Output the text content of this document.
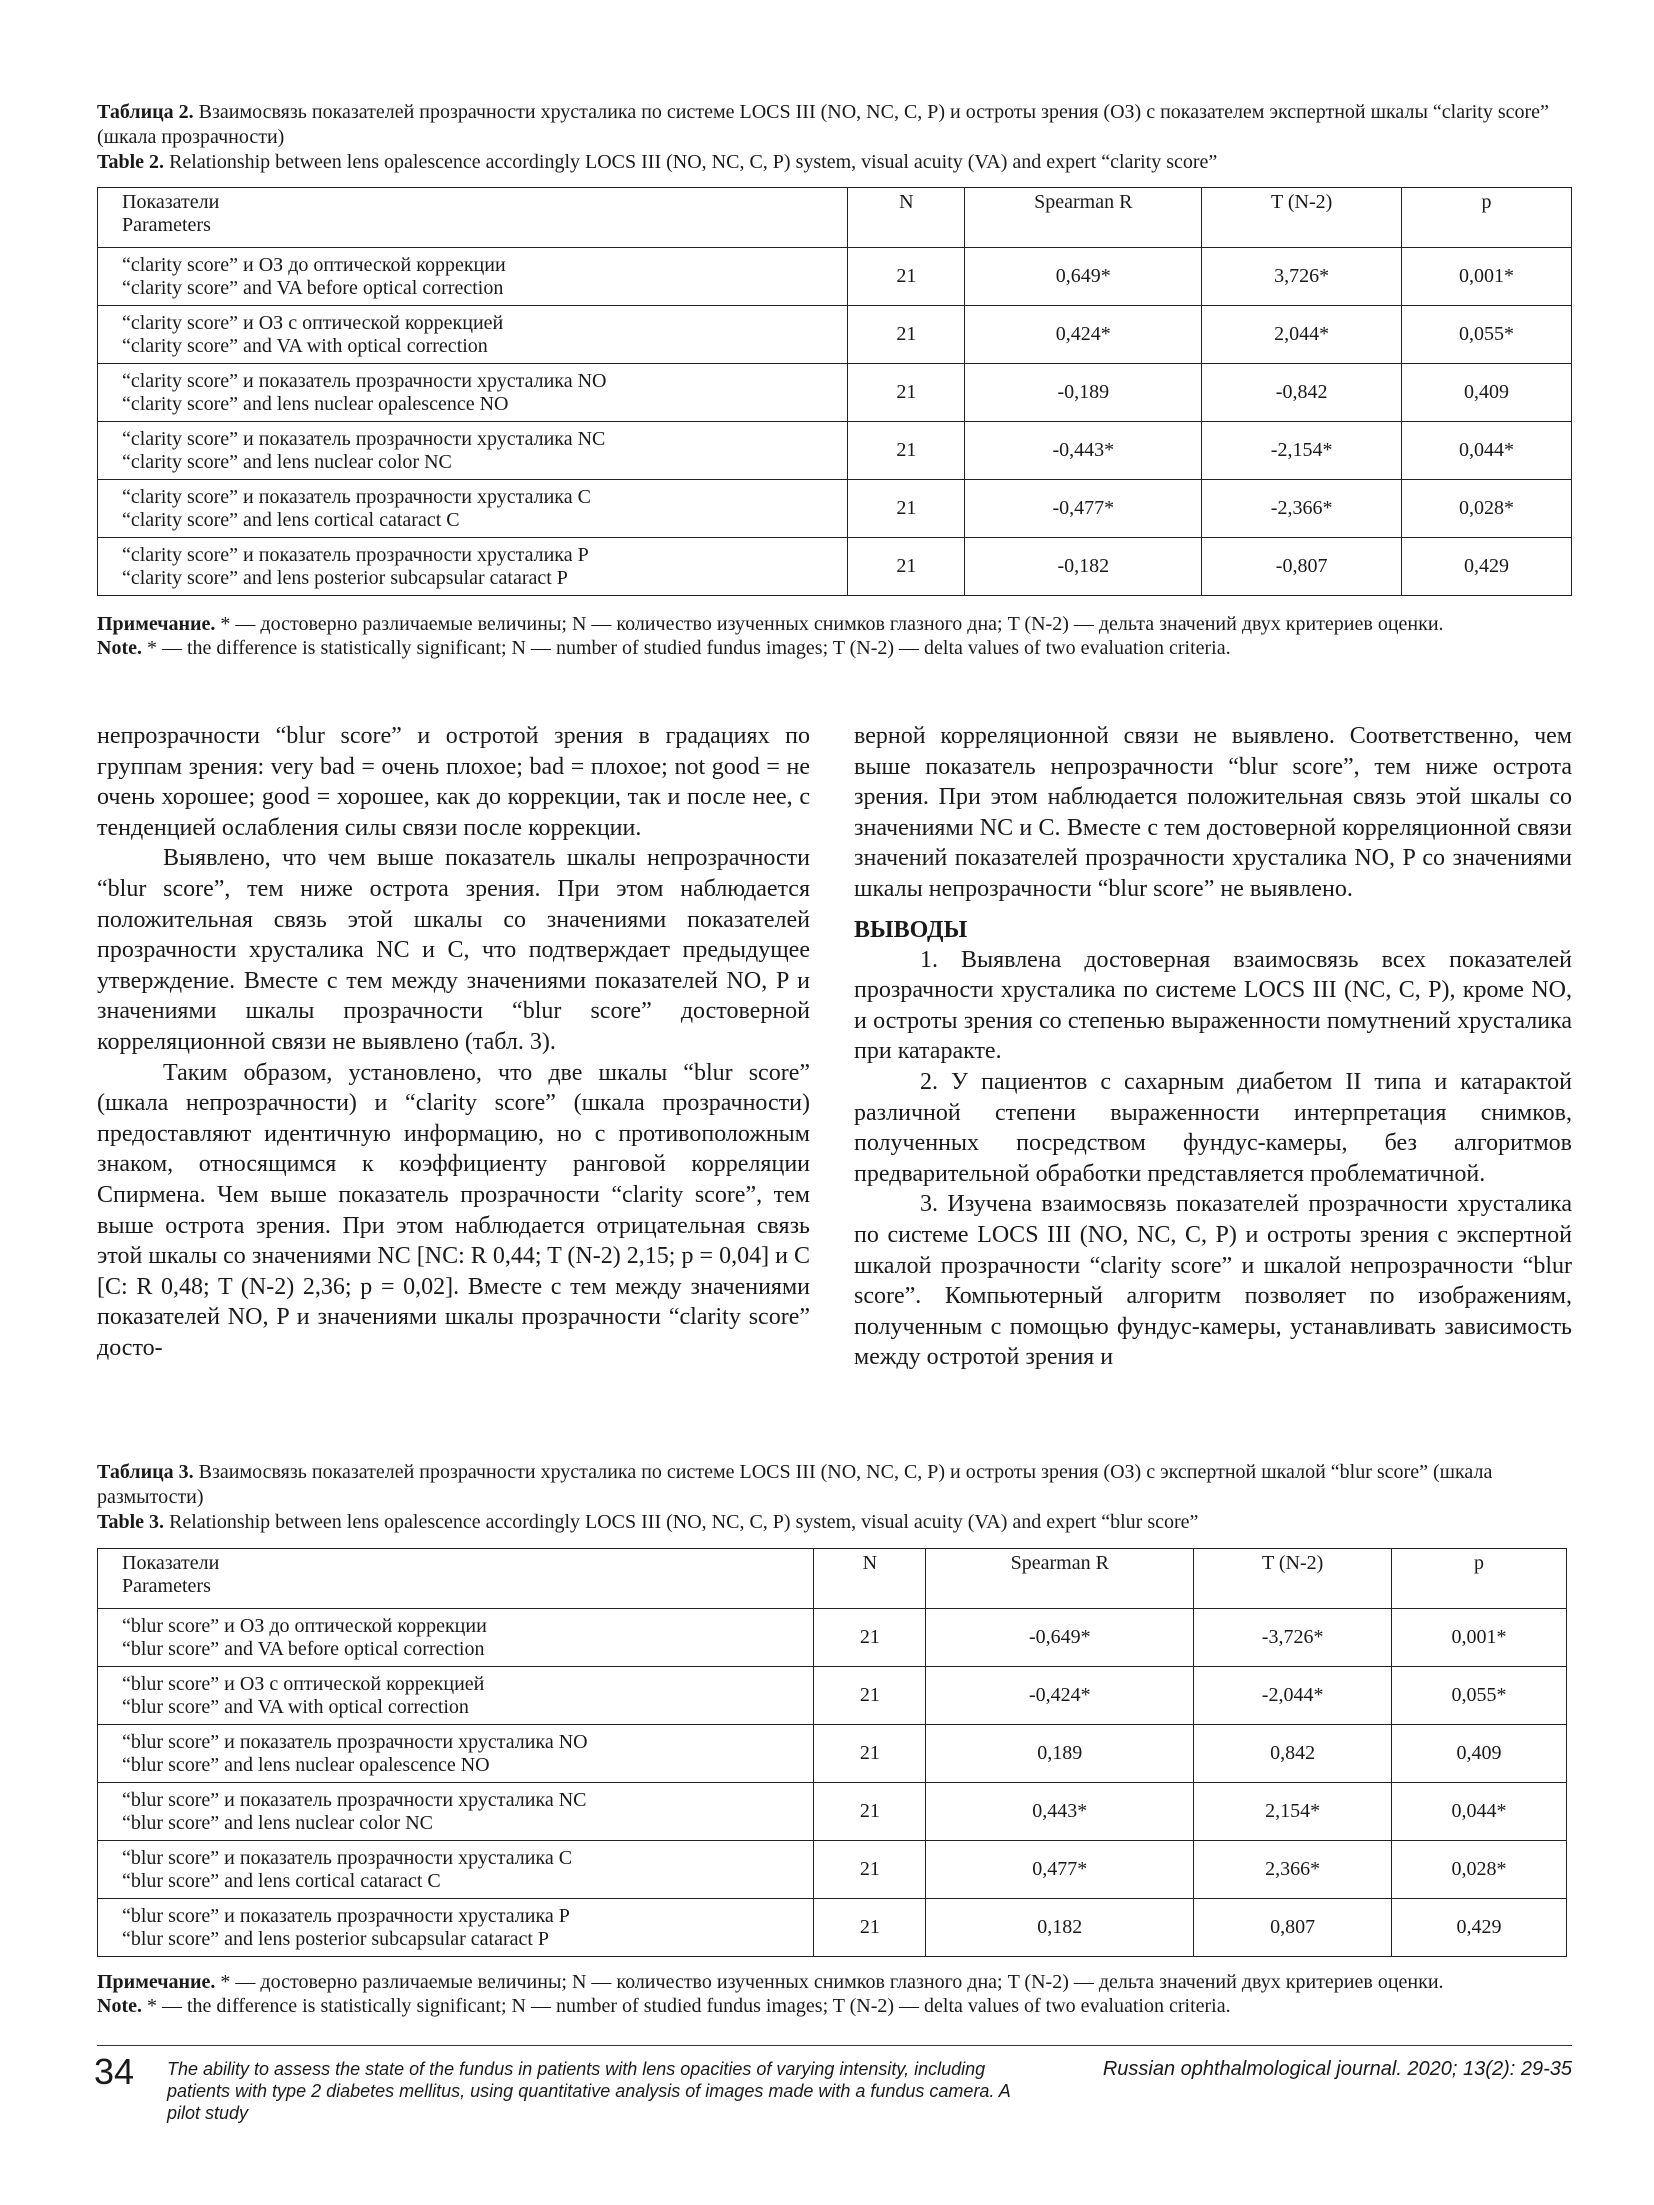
Таблица 2. Взаимосвязь показателей прозрачности хрусталика по системе LOCS III (NO, NC, C, P) и остроты зрения (ОЗ) с показателем экспертной шкалы “clarity score” (шкала прозрачности)
Table 2. Relationship between lens opalescence accordingly LOCS III (NO, NC, C, P) system, visual acuity (VA) and expert “clarity score”
Показатели
Parameters	N	Spearman R	T (N-2)	p

“clarity score” и ОЗ до оптической коррекции
“clarity score” and VA before optical correction	21	0,649*	3,726*	0,001*

“clarity score” и ОЗ с оптической коррекцией
“clarity score” and VA with optical correction	21	0,424*	2,044*	0,055*

“clarity score” и показатель прозрачности хрусталика NO
“clarity score” and lens nuclear opalescence NO	21	-0,189	-0,842	0,409

“clarity score” и показатель прозрачности хрусталика NC
“clarity score” and lens nuclear color NC	21	-0,443*	-2,154*	0,044*

“clarity score” и показатель прозрачности хрусталика C
“clarity score” and lens cortical cataract C	21	-0,477*	-2,366*	0,028*

“clarity score” и показатель прозрачности хрусталика P
“clarity score” and lens posterior subcapsular cataract P	21	-0,182	-0,807	0,429
Примечание. * — достоверно различаемые величины; N — количество изученных снимков глазного дна; T (N-2) — дельта значений двух критериев оценки.
Note. * — the difference is statistically significant; N — number of studied fundus images; T (N-2) — delta values of two evaluation criteria.

непрозрачности “blur score” и остротой зрения в градациях по группам зрения: very bad = очень плохое; bad = плохое; not good = не очень хорошее; good = хорошее, как до коррекции, так и после нее, с тенденцией ослабления силы связи после коррекции.

Выявлено, что чем выше показатель шкалы непрозрачности “blur score”, тем ниже острота зрения. При этом наблюдается положительная связь этой шкалы со значениями показателей прозрачности хрусталика NC и C, что подтверждает предыдущее утверждение. Вместе с тем между значениями показателей NO, P и значениями шкалы прозрачности “blur score” достоверной корреляционной связи не выявлено (табл. 3).

Таким образом, установлено, что две шкалы “blur score” (шкала непрозрачности) и “clarity score” (шкала прозрачности) предоставляют идентичную информацию, но с противоположным знаком, относящимся к коэффициенту ранговой корреляции Спирмена. Чем выше показатель прозрачности “clarity score”, тем выше острота зрения. При этом наблюдается отрицательная связь этой шкалы со значениями NC [NC: R 0,44; T (N-2) 2,15; p = 0,04] и C [C: R 0,48; T (N-2) 2,36; p = 0,02]. Вместе с тем между значениями показателей NO, P и значениями шкалы прозрачности “clarity score” досто-

верной корреляционной связи не выявлено. Соответственно, чем выше показатель непрозрачности “blur score”, тем ниже острота зрения. При этом наблюдается положительная связь этой шкалы со значениями NC и C. Вместе с тем достоверной корреляционной связи значений показателей прозрачности хрусталика NO, P со значениями шкалы непрозрачности “blur score” не выявлено.

ВЫВОДЫ

1. Выявлена достоверная взаимосвязь всех показателей прозрачности хрусталика по системе LOCS III (NC, C, P), кроме NO, и остроты зрения со степенью выраженности помутнений хрусталика при катаракте.

2. У пациентов с сахарным диабетом II типа и катарактой различной степени выраженности интерпретация снимков, полученных посредством фундус-камеры, без алгоритмов предварительной обработки представляется проблематичной.

3. Изучена взаимосвязь показателей прозрачности хрусталика по системе LOCS III (NO, NC, C, P) и остроты зрения с экспертной шкалой прозрачности “clarity score” и шкалой непрозрачности “blur score”. Компьютерный алгоритм позволяет по изображениям, полученным с помощью фундус-камеры, устанавливать зависимость между остротой зрения и

Таблица 3. Взаимосвязь показателей прозрачности хрусталика по системе LOCS III (NO, NC, C, P) и остроты зрения (ОЗ) с экспертной шкалой “blur score” (шкала размытости)
Table 3. Relationship between lens opalescence accordingly LOCS III (NO, NC, C, P) system, visual acuity (VA) and expert “blur score”
Показатели
Parameters	N	Spearman R	T (N-2)	p

“blur score” и ОЗ до оптической коррекции
“blur score” and VA before optical correction	21	-0,649*	-3,726*	0,001*

“blur score” и ОЗ с оптической коррекцией
“blur score” and VA with optical correction	21	-0,424*	-2,044*	0,055*

“blur score” и показатель прозрачности хрусталика NO
“blur score” and lens nuclear opalescence NO	21	0,189	0,842	0,409

“blur score” и показатель прозрачности хрусталика NC
“blur score” and lens nuclear color NC	21	0,443*	2,154*	0,044*

“blur score” и показатель прозрачности хрусталика C
“blur score” and lens cortical cataract C	21	0,477*	2,366*	0,028*

“blur score” и показатель прозрачности хрусталика P
“blur score” and lens posterior subcapsular cataract P	21	0,182	0,807	0,429
Примечание. * — достоверно различаемые величины; N — количество изученных снимков глазного дна; T (N-2) — дельта значений двух критериев оценки.
Note. * — the difference is statistically significant; N — number of studied fundus images; T (N-2) — delta values of two evaluation criteria.
34 The ability to assess the state of the fundus in patients with lens opacities of varying intensity, including patients with type 2 diabetes mellitus, using quantitative analysis of images made with a fundus camera. A pilot study
Russian ophthalmological journal. 2020; 13(2): 29-35
